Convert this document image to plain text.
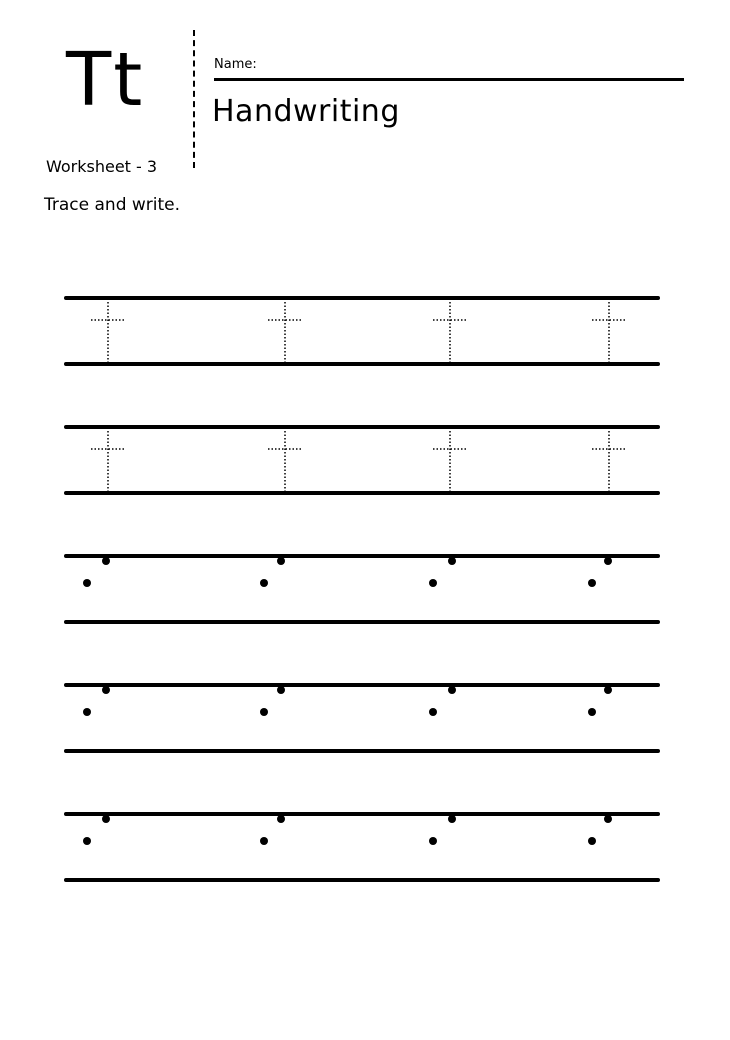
Tt
Worksheet - 3
Trace and write.
Name:
Handwriting
